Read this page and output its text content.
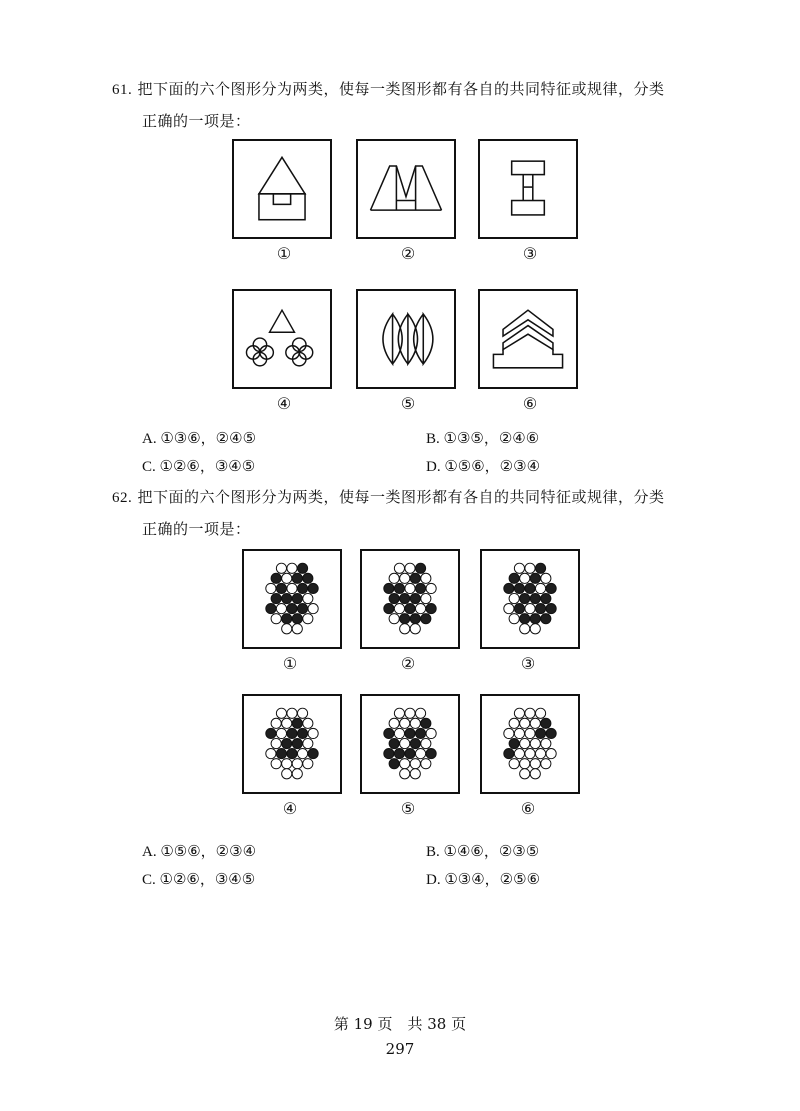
61. 把下面的六个图形分为两类，使每一类图形都有各自的共同特征或规律，分类
正确的一项是：
①	②	③
④	⑤	⑥
A. ①③⑥，②④⑤	B. ①③⑤，②④⑥
C. ①②⑥，③④⑤	D. ①⑤⑥，②③④
62. 把下面的六个图形分为两类，使每一类图形都有各自的共同特征或规律，分类
正确的一项是：
①	②	③
④	⑤	⑥
A. ①⑤⑥，②③④	B. ①④⑥，②③⑤
C. ①②⑥，③④⑤	D. ①③④，②⑤⑥
第 19 页　共 38 页
297
